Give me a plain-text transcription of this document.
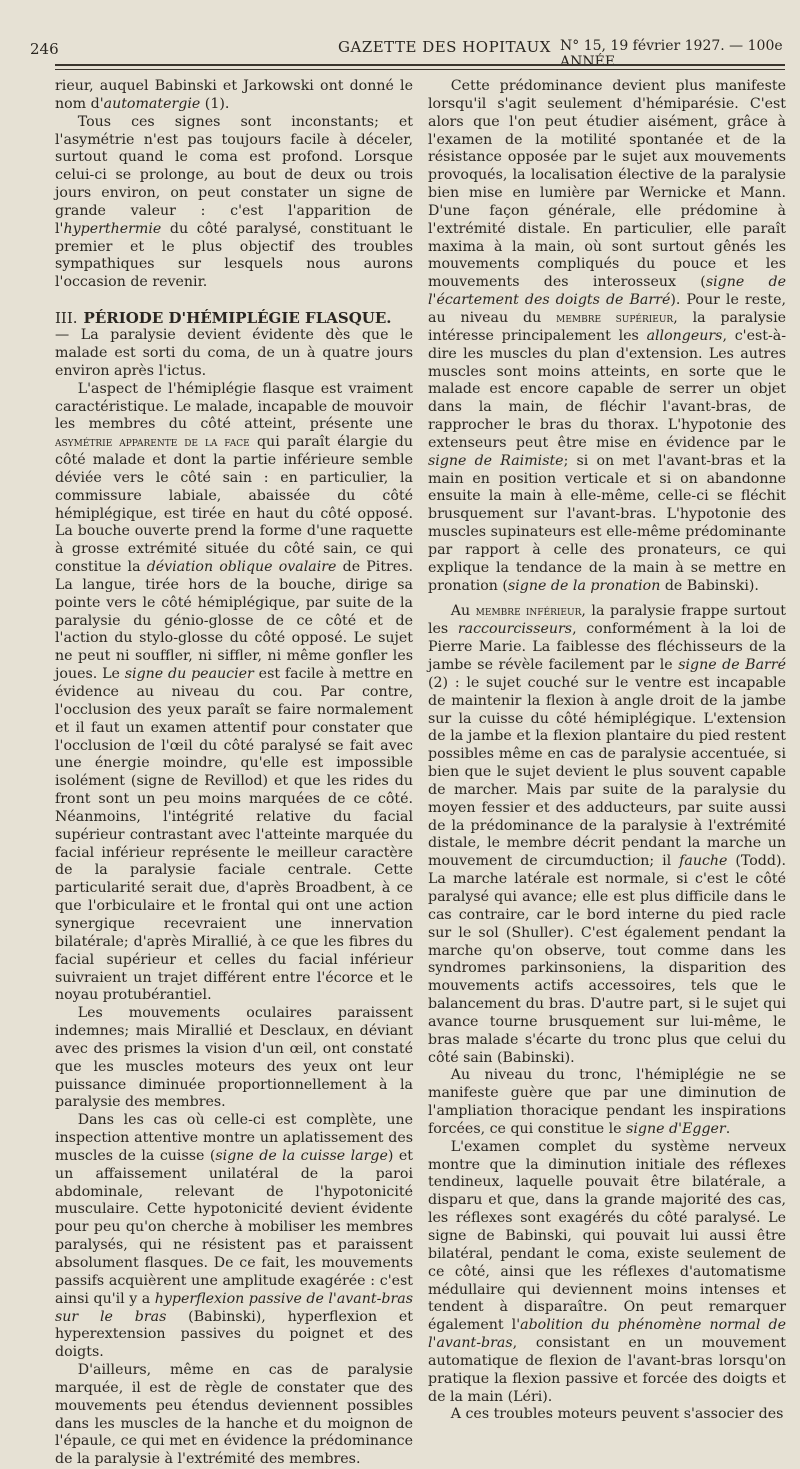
246	GAZETTE DES HOPITAUX N° 15, 19 février 1927. — 100e ANNÉE.

rieur, auquel Babinski et Jarkowski ont donné le nom d'automatergie (1).

Tous ces signes sont inconstants; et l'asymétrie n'est pas toujours facile à déceler, surtout quand le coma est profond. Lorsque celui-ci se prolonge, au bout de deux ou trois jours environ, on peut constater un signe de grande valeur : c'est l'apparition de l'hyperthermie du côté paralysé, constituant le premier et le plus objectif des troubles sympathiques sur lesquels nous aurons l'occasion de revenir.

III. PÉRIODE D'HÉMIPLÉGIE FLASQUE.

— La paralysie devient évidente dès que le malade est sorti du coma, de un à quatre jours environ après l'ictus.

L'aspect de l'hémiplégie flasque est vraiment caractéristique. Le malade, incapable de mouvoir les membres du côté atteint, présente une asymétrie apparente de la face qui paraît élargie du côté malade et dont la partie inférieure semble déviée vers le côté sain : en particulier, la commissure labiale, abaissée du côté hémiplégique, est tirée en haut du côté opposé. La bouche ouverte prend la forme d'une raquette à grosse extrémité située du côté sain, ce qui constitue la déviation oblique ovalaire de Pitres. La langue, tirée hors de la bouche, dirige sa pointe vers le côté hémiplégique, par suite de la paralysie du génio-glosse de ce côté et de l'action du stylo-glosse du côté opposé. Le sujet ne peut ni souffler, ni siffler, ni même gonfler les joues. Le signe du peaucier est facile à mettre en évidence au niveau du cou. Par contre, l'occlusion des yeux paraît se faire normalement et il faut un examen attentif pour constater que l'occlusion de l'œil du côté paralysé se fait avec une énergie moindre, qu'elle est impossible isolément (signe de Revillod) et que les rides du front sont un peu moins marquées de ce côté. Néanmoins, l'intégrité relative du facial supérieur contrastant avec l'atteinte marquée du facial inférieur représente le meilleur caractère de la paralysie faciale centrale. Cette particularité serait due, d'après Broadbent, à ce que l'orbiculaire et le frontal qui ont une action synergique recevraient une innervation bilatérale; d'après Mirallié, à ce que les fibres du facial supérieur et celles du facial inférieur suivraient un trajet différent entre l'écorce et le noyau protubérantiel.

Les mouvements oculaires paraissent indemnes; mais Mirallié et Desclaux, en déviant avec des prismes la vision d'un œil, ont constaté que les muscles moteurs des yeux ont leur puissance diminuée proportionnellement à la paralysie des membres.

Dans les cas où celle-ci est complète, une inspection attentive montre un aplatissement des muscles de la cuisse (signe de la cuisse large) et un affaissement unilatéral de la paroi abdominale, relevant de l'hypotonicité musculaire. Cette hypotonicité devient évidente pour peu qu'on cherche à mobiliser les membres paralysés, qui ne résistent pas et paraissent absolument flasques. De ce fait, les mouvements passifs acquièrent une amplitude exagérée : c'est ainsi qu'il y a hyperflexion passive de l'avant-bras sur le bras (Babinski), hyperflexion et hyperextension passives du poignet et des doigts.

D'ailleurs, même en cas de paralysie marquée, il est de règle de constater que des mouvements peu étendus deviennent possibles dans les muscles de la hanche et du moignon de l'épaule, ce qui met en évidence la prédominance de la paralysie à l'extrémité des membres.

Cette prédominance devient plus manifeste lorsqu'il s'agit seulement d'hémiparésie. C'est alors que l'on peut étudier aisément, grâce à l'examen de la motilité spontanée et de la résistance opposée par le sujet aux mouvements provoqués, la localisation élective de la paralysie bien mise en lumière par Wernicke et Mann. D'une façon générale, elle prédomine à l'extrémité distale. En particulier, elle paraît maxima à la main, où sont surtout gênés les mouvements compliqués du pouce et les mouvements des interosseux (signe de l'écartement des doigts de Barré). Pour le reste, au niveau du membre supérieur, la paralysie intéresse principalement les allongeurs, c'est-à-dire les muscles du plan d'extension. Les autres muscles sont moins atteints, en sorte que le malade est encore capable de serrer un objet dans la main, de fléchir l'avant-bras, de rapprocher le bras du thorax. L'hypotonie des extenseurs peut être mise en évidence par le signe de Raimiste; si on met l'avant-bras et la main en position verticale et si on abandonne ensuite la main à elle-même, celle-ci se fléchit brusquement sur l'avant-bras. L'hypotonie des muscles supinateurs est elle-même prédominante par rapport à celle des pronateurs, ce qui explique la tendance de la main à se mettre en pronation (signe de la pronation de Babinski).

Au membre inférieur, la paralysie frappe surtout les raccourcisseurs, conformément à la loi de Pierre Marie. La faiblesse des fléchisseurs de la jambe se révèle facilement par le signe de Barré (2) : le sujet couché sur le ventre est incapable de maintenir la flexion à angle droit de la jambe sur la cuisse du côté hémiplégique. L'extension de la jambe et la flexion plantaire du pied restent possibles même en cas de paralysie accentuée, si bien que le sujet devient le plus souvent capable de marcher. Mais par suite de la paralysie du moyen fessier et des adducteurs, par suite aussi de la prédominance de la paralysie à l'extrémité distale, le membre décrit pendant la marche un mouvement de circumduction; il fauche (Todd). La marche latérale est normale, si c'est le côté paralysé qui avance; elle est plus difficile dans le cas contraire, car le bord interne du pied racle sur le sol (Shuller). C'est également pendant la marche qu'on observe, tout comme dans les syndromes parkinsoniens, la disparition des mouvements actifs accessoires, tels que le balancement du bras. D'autre part, si le sujet qui avance tourne brusquement sur lui-même, le bras malade s'écarte du tronc plus que celui du côté sain (Babinski).

Au niveau du tronc, l'hémiplégie ne se manifeste guère que par une diminution de l'ampliation thoracique pendant les inspirations forcées, ce qui constitue le signe d'Egger.

L'examen complet du système nerveux montre que la diminution initiale des réflexes tendineux, laquelle pouvait être bilatérale, a disparu et que, dans la grande majorité des cas, les réflexes sont exagérés du côté paralysé. Le signe de Babinski, qui pouvait lui aussi être bilatéral, pendant le coma, existe seulement de ce côté, ainsi que les réflexes d'automatisme médullaire qui deviennent moins intenses et tendent à disparaître. On peut remarquer également l'abolition du phénomène normal de l'avant-bras, consistant en un mouvement automatique de flexion de l'avant-bras lorsqu'on pratique la flexion passive et forcée des doigts et de la main (Léri).

A ces troubles moteurs peuvent s'associer des
